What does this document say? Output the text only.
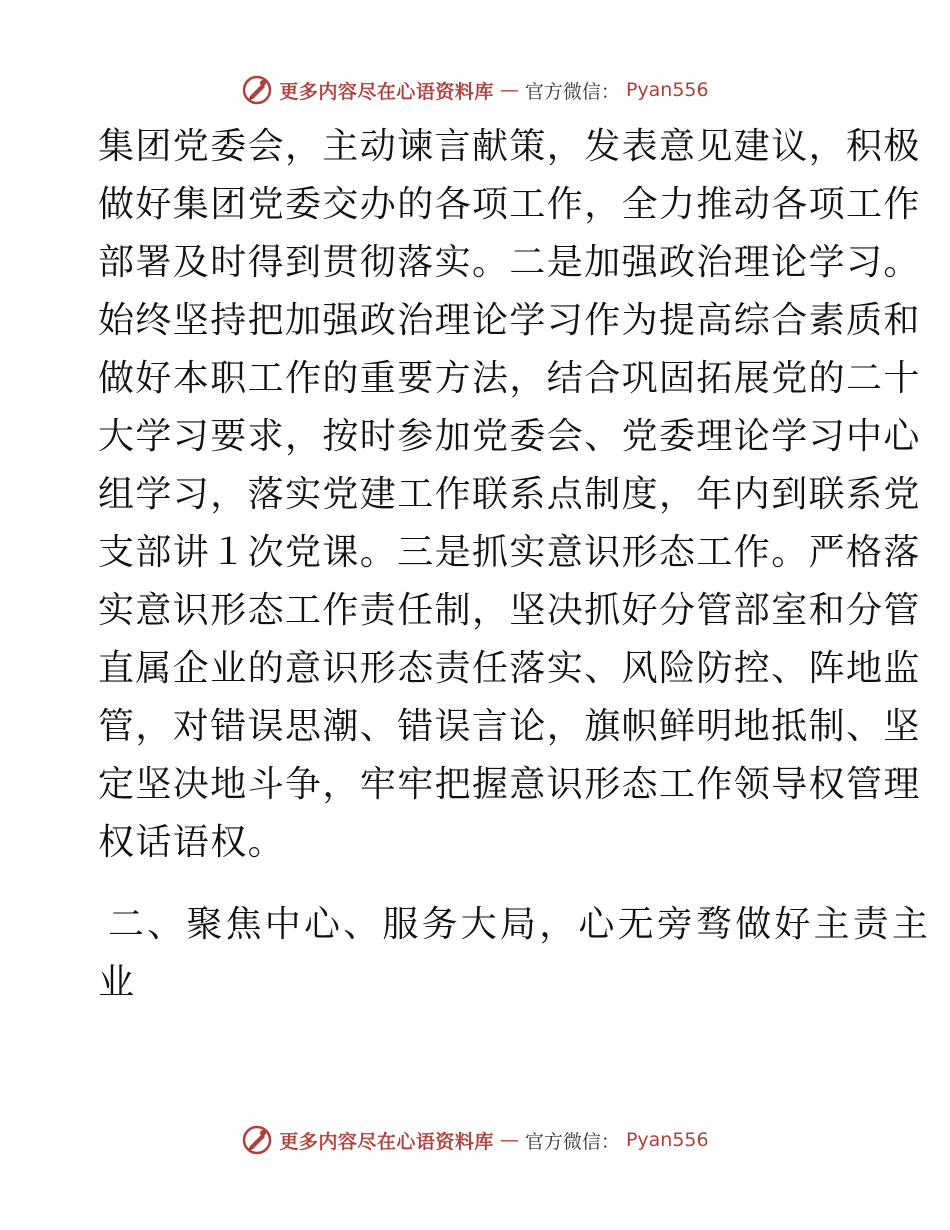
更多内容尽在心语资料库 — 官方微信： Pyan556
集团党委会，主动谏言献策，发表意见建议，积极
做好集团党委交办的各项工作，全力推动各项工作
部署及时得到贯彻落实。二是加强政治理论学习。
始终坚持把加强政治理论学习作为提高综合素质和
做好本职工作的重要方法，结合巩固拓展党的二十
大学习要求，按时参加党委会、党委理论学习中心
组学习，落实党建工作联系点制度，年内到联系党
支部讲１次党课。三是抓实意识形态工作。严格落
实意识形态工作责任制，坚决抓好分管部室和分管
直属企业的意识形态责任落实、风险防控、阵地监
管，对错误思潮、错误言论，旗帜鲜明地抵制、坚
定坚决地斗争，牢牢把握意识形态工作领导权管理
权话语权。
二、聚焦中心、服务大局，心无旁骛做好主责主
业
更多内容尽在心语资料库 — 官方微信： Pyan556
